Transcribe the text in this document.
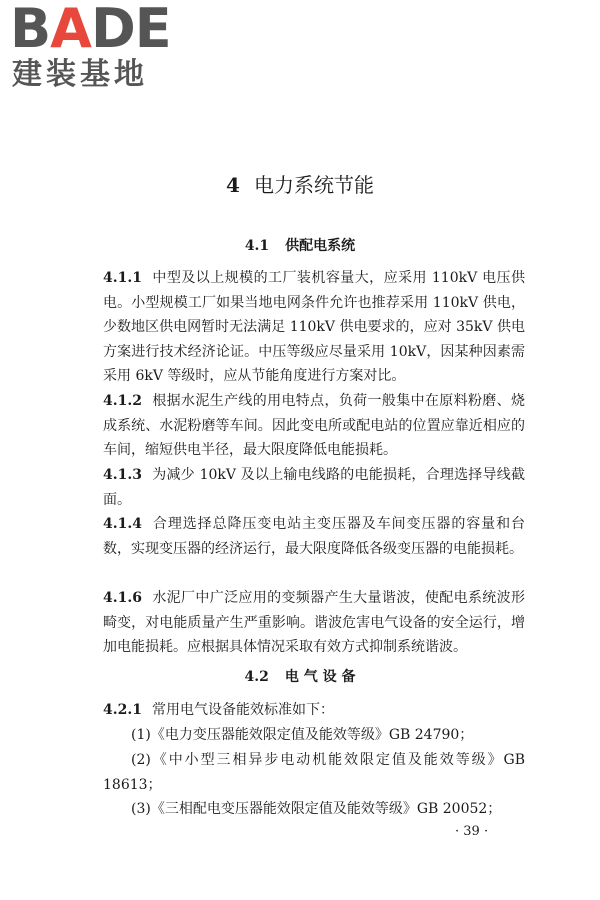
BADE

建装基地

4 电力系统节能
4.1 供配电系统

4.1.1 中型及以上规模的工厂装机容量大，应采用 110kV 电压供电。小型规模工厂如果当地电网条件允许也推荐采用 110kV 供电，少数地区供电网暂时无法满足 110kV 供电要求的，应对 35kV 供电方案进行技术经济论证。中压等级应尽量采用 10kV，因某种因素需采用 6kV 等级时，应从节能角度进行方案对比。

4.1.2 根据水泥生产线的用电特点，负荷一般集中在原料粉磨、烧成系统、水泥粉磨等车间。因此变电所或配电站的位置应靠近相应的车间，缩短供电半径，最大限度降低电能损耗。

4.1.3 为减少 10kV 及以上输电线路的电能损耗，合理选择导线截面。

4.1.4 合理选择总降压变电站主变压器及车间变压器的容量和台数，实现变压器的经济运行，最大限度降低各级变压器的电能损耗。

4.1.6 水泥厂中广泛应用的变频器产生大量谐波，使配电系统波形畸变，对电能质量产生严重影响。谐波危害电气设备的安全运行，增加电能损耗。应根据具体情况采取有效方式抑制系统谐波。

4.2 电 气 设 备

4.2.1 常用电气设备能效标准如下：

(1)《电力变压器能效限定值及能效等级》GB 24790；

(2)《中小型三相异步电动机能效限定值及能效等级》GB 18613；

(3)《三相配电变压器能效限定值及能效等级》GB 20052；

· 39 ·
